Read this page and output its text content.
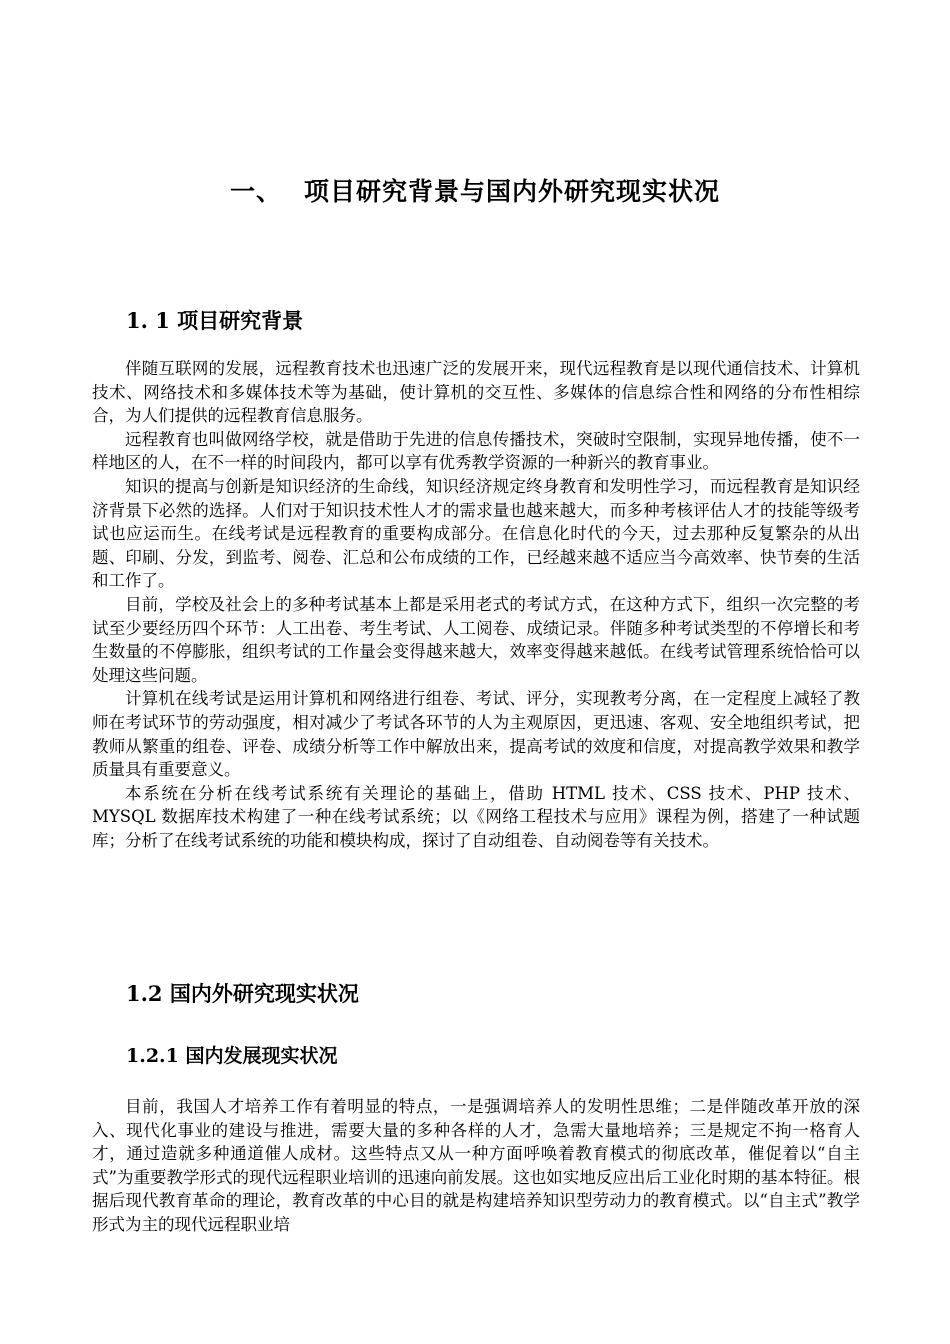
一、 项目研究背景与国内外研究现实状况
1. 1 项目研究背景

伴随互联网的发展，远程教育技术也迅速广泛的发展开来，现代远程教育是以现代通信技术、计算机技术、网络技术和多媒体技术等为基础，使计算机的交互性、多媒体的信息综合性和网络的分布性相综合，为人们提供的远程教育信息服务。

远程教育也叫做网络学校，就是借助于先进的信息传播技术，突破时空限制，实现异地传播，使不一样地区的人，在不一样的时间段内，都可以享有优秀教学资源的一种新兴的教育事业。

知识的提高与创新是知识经济的生命线，知识经济规定终身教育和发明性学习，而远程教育是知识经济背景下必然的选择。人们对于知识技术性人才的需求量也越来越大，而多种考核评估人才的技能等级考试也应运而生。在线考试是远程教育的重要构成部分。在信息化时代的今天，过去那种反复繁杂的从出题、印刷、分发，到监考、阅卷、汇总和公布成绩的工作，已经越来越不适应当今高效率、快节奏的生活和工作了。

目前，学校及社会上的多种考试基本上都是采用老式的考试方式，在这种方式下，组织一次完整的考试至少要经历四个环节：人工出卷、考生考试、人工阅卷、成绩记录。伴随多种考试类型的不停增长和考生数量的不停膨胀，组织考试的工作量会变得越来越大，效率变得越来越低。在线考试管理系统恰恰可以处理这些问题。

计算机在线考试是运用计算机和网络进行组卷、考试、评分，实现教考分离，在一定程度上减轻了教师在考试环节的劳动强度，相对减少了考试各环节的人为主观原因，更迅速、客观、安全地组织考试，把教师从繁重的组卷、评卷、成绩分析等工作中解放出来，提高考试的效度和信度，对提高教学效果和教学质量具有重要意义。

本系统在分析在线考试系统有关理论的基础上，借助 HTML 技术、CSS 技术、PHP 技术、MYSQL 数据库技术构建了一种在线考试系统；以《网络工程技术与应用》课程为例，搭建了一种试题库；分析了在线考试系统的功能和模块构成，探讨了自动组卷、自动阅卷等有关技术。

1.2 国内外研究现实状况
1.2.1 国内发展现实状况

目前，我国人才培养工作有着明显的特点，一是强调培养人的发明性思维；二是伴随改革开放的深入、现代化事业的建设与推进，需要大量的多种各样的人才，急需大量地培养；三是规定不拘一格育人才，通过造就多种通道催人成材。这些特点又从一种方面呼唤着教育模式的彻底改革，催促着以“自主式”为重要教学形式的现代远程职业培训的迅速向前发展。这也如实地反应出后工业化时期的基本特征。根据后现代教育革命的理论，教育改革的中心目的就是构建培养知识型劳动力的教育模式。以“自主式”教学形式为主的现代远程职业培
